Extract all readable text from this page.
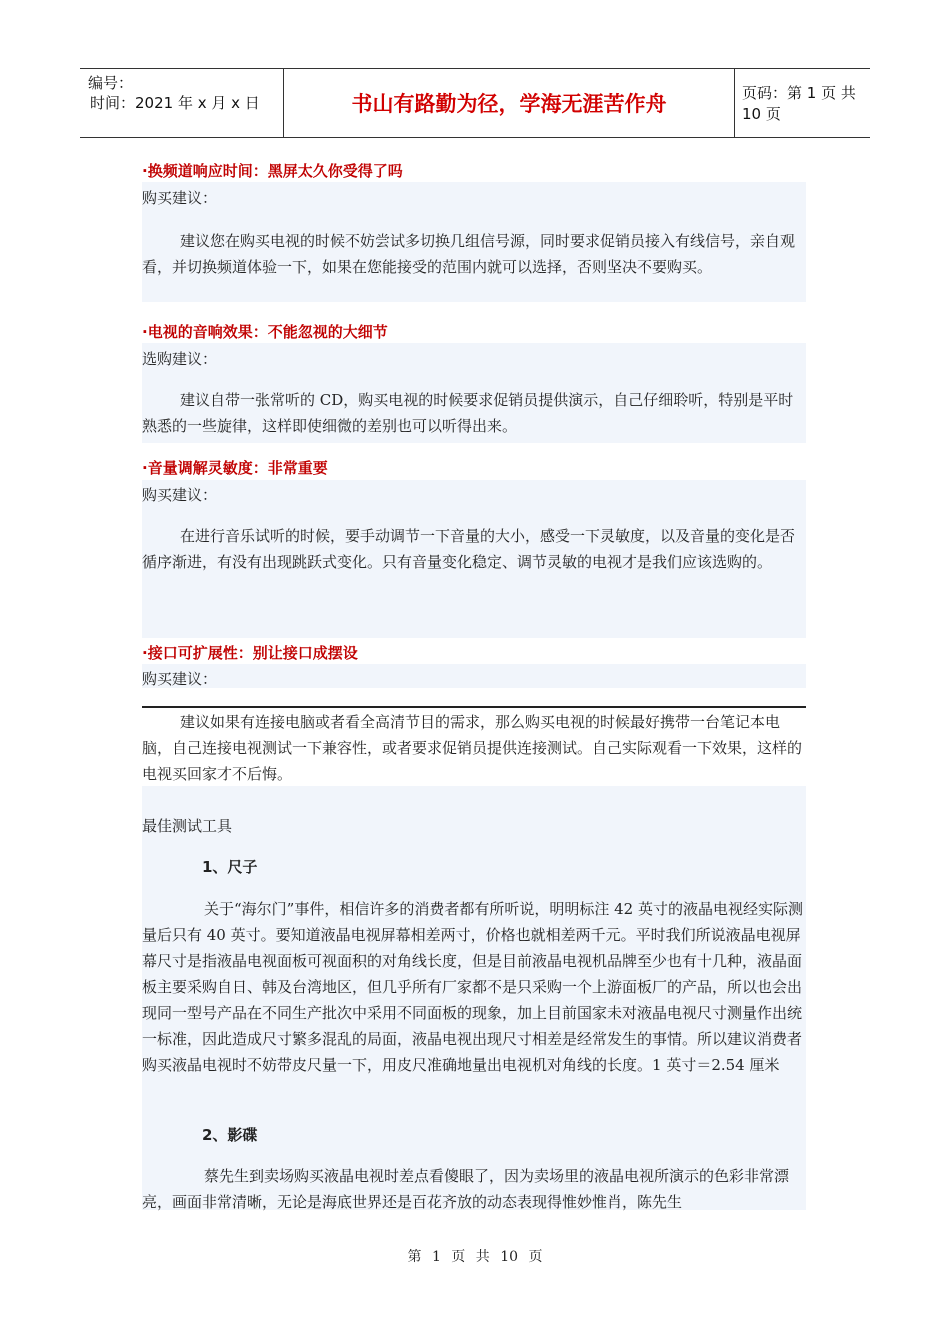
编号：
时间：2021 年 x 月 x 日	书山有路勤为径，学海无涯苦作舟	页码：第 1 页 共 10 页
·换频道响应时间：黑屏太久你受得了吗
购买建议：
建议您在购买电视的时候不妨尝试多切换几组信号源，同时要求促销员接入有线信号，亲自观看，并切换频道体验一下，如果在您能接受的范围内就可以选择，否则坚决不要购买。
·电视的音响效果：不能忽视的大细节
选购建议：
建议自带一张常听的 CD，购买电视的时候要求促销员提供演示，自己仔细聆听，特别是平时熟悉的一些旋律，这样即使细微的差别也可以听得出来。
·音量调解灵敏度：非常重要
购买建议：
在进行音乐试听的时候，要手动调节一下音量的大小，感受一下灵敏度，以及音量的变化是否循序渐进，有没有出现跳跃式变化。只有音量变化稳定、调节灵敏的电视才是我们应该选购的。
·接口可扩展性：别让接口成摆设
购买建议：
建议如果有连接电脑或者看全高清节目的需求，那么购买电视的时候最好携带一台笔记本电脑，自己连接电视测试一下兼容性，或者要求促销员提供连接测试。自己实际观看一下效果，这样的电视买回家才不后悔。
最佳测试工具
1、尺子
关于“海尔门”事件，相信许多的消费者都有所听说，明明标注 42 英寸的液晶电视经实际测量后只有 40 英寸。要知道液晶电视屏幕相差两寸，价格也就相差两千元。平时我们所说液晶电视屏幕尺寸是指液晶电视面板可视面积的对角线长度，但是目前液晶电视机品牌至少也有十几种，液晶面板主要采购自日、韩及台湾地区，但几乎所有厂家都不是只采购一个上游面板厂的产品，所以也会出现同一型号产品在不同生产批次中采用不同面板的现象，加上目前国家未对液晶电视尺寸测量作出统一标准，因此造成尺寸繁多混乱的局面，液晶电视出现尺寸相差是经常发生的事情。所以建议消费者购买液晶电视时不妨带皮尺量一下，用皮尺准确地量出电视机对角线的长度。1 英寸＝2.54 厘米
2、影碟
蔡先生到卖场购买液晶电视时差点看傻眼了，因为卖场里的液晶电视所演示的色彩非常漂亮，画面非常清晰，无论是海底世界还是百花齐放的动态表现得惟妙惟肖，陈先生
第 1 页 共 10 页
